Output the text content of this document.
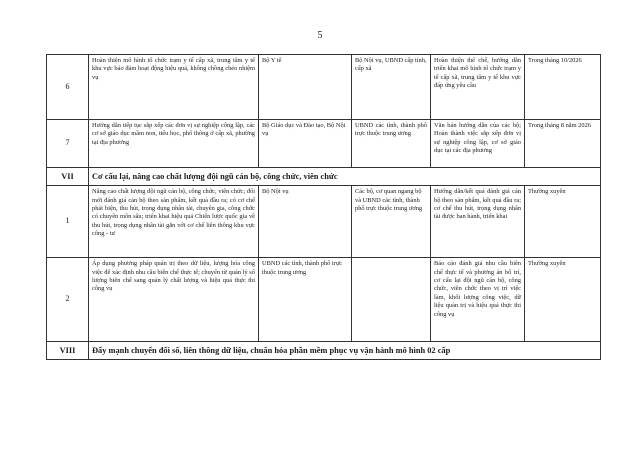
5
6	Hoàn thiện mô hình tổ chức trạm y tế cấp xã, trung tâm y tế khu vực bảo đảm hoạt động hiệu quả, không chồng chéo nhiệm vụ	Bộ Y tế	Bộ Nội vụ, UBND cấp tỉnh, cấp xã	Hoàn thiện thể chế, hướng dẫn triển khai mô hình tổ chức trạm y tế cấp xã, trung tâm y tế khu vực đáp ứng yêu cầu	Trong tháng 10/2026
7	Hướng dẫn tiếp tục sắp xếp các đơn vị sự nghiệp công lập, các cơ sở giáo dục mầm non, tiểu học, phổ thông ở cấp xã, phường tại địa phương	Bộ Giáo dục và Đào tạo, Bộ Nội vụ	UBND các tỉnh, thành phố trực thuộc trung ương	Văn bản hướng dẫn của các bộ; Hoàn thành việc sắp xếp đơn vị sự nghiệp công lập, cơ sở giáo dục tại các địa phương	Trong tháng 8 năm 2026
VII	Cơ cấu lại, nâng cao chất lượng đội ngũ cán bộ, công chức, viên chức				
1	Nâng cao chất lượng đội ngũ cán bộ, công chức, viên chức; đổi mới đánh giá cán bộ theo sản phẩm, kết quả đầu ra; có cơ chế phát hiện, thu hút, trọng dụng nhân tài, chuyên gia, công chức có chuyên môn sâu; triển khai hiệu quả Chiến lược quốc gia về thu hút, trọng dụng nhân tài gắn với cơ chế liên thông khu vực công - tư	Bộ Nội vụ	Các bộ, cơ quan ngang bộ và UBND các tỉnh, thành phố trực thuộc trung ương	Hướng dẫn/kết quả đánh giá cán bộ theo sản phẩm, kết quả đầu ra; cơ chế thu hút, trọng dụng nhân tài được ban hành, triển khai	Thường xuyên
2	Áp dụng phương pháp quản trị theo dữ liệu, lượng hóa công việc để xác định nhu cầu biên chế thực tế; chuyển từ quản lý số lượng biên chế sang quản lý chất lượng và hiệu quả thực thi công vụ	UBND các tỉnh, thành phố trực thuộc trung ương		Báo cáo đánh giá nhu cầu biên chế thực tế và phương án bố trí, cơ cấu lại đội ngũ cán bộ, công chức, viên chức theo vị trí việc làm, khối lượng công việc, dữ liệu quản trị và hiệu quả thực thi công vụ	Thường xuyên
VIII	Đẩy mạnh chuyển đổi số, liên thông dữ liệu, chuẩn hóa phần mềm phục vụ vận hành mô hình 02 cấp				
